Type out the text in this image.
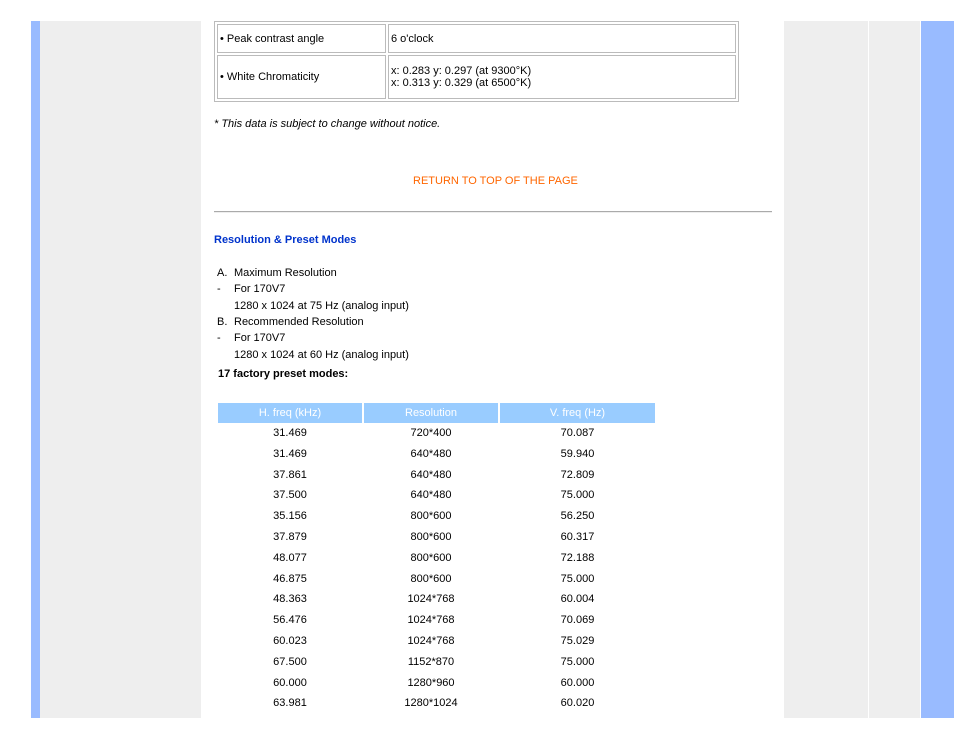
• Peak contrast angle	6 o'clock

• White Chromaticity	x: 0.283 y: 0.297 (at 9300°K)
x: 0.313 y: 0.329 (at 6500°K)
* This data is subject to change without notice.
RETURN TO TOP OF THE PAGE
Resolution & Preset Modes
A. Maximum Resolution
- For 170V7
1280 x 1024 at 75 Hz (analog input)
B. Recommended Resolution
- For 170V7
1280 x 1024 at 60 Hz (analog input)
17 factory preset modes:
H. freq (kHz)	Resolution	V. freq (Hz)
31.469	720*400	70.087
31.469	640*480	59.940
37.861	640*480	72.809
37.500	640*480	75.000
35.156	800*600	56.250
37.879	800*600	60.317
48.077	800*600	72.188
46.875	800*600	75.000
48.363	1024*768	60.004
56.476	1024*768	70.069
60.023	1024*768	75.029
67.500	1152*870	75.000
60.000	1280*960	60.000
63.981	1280*1024	60.020
